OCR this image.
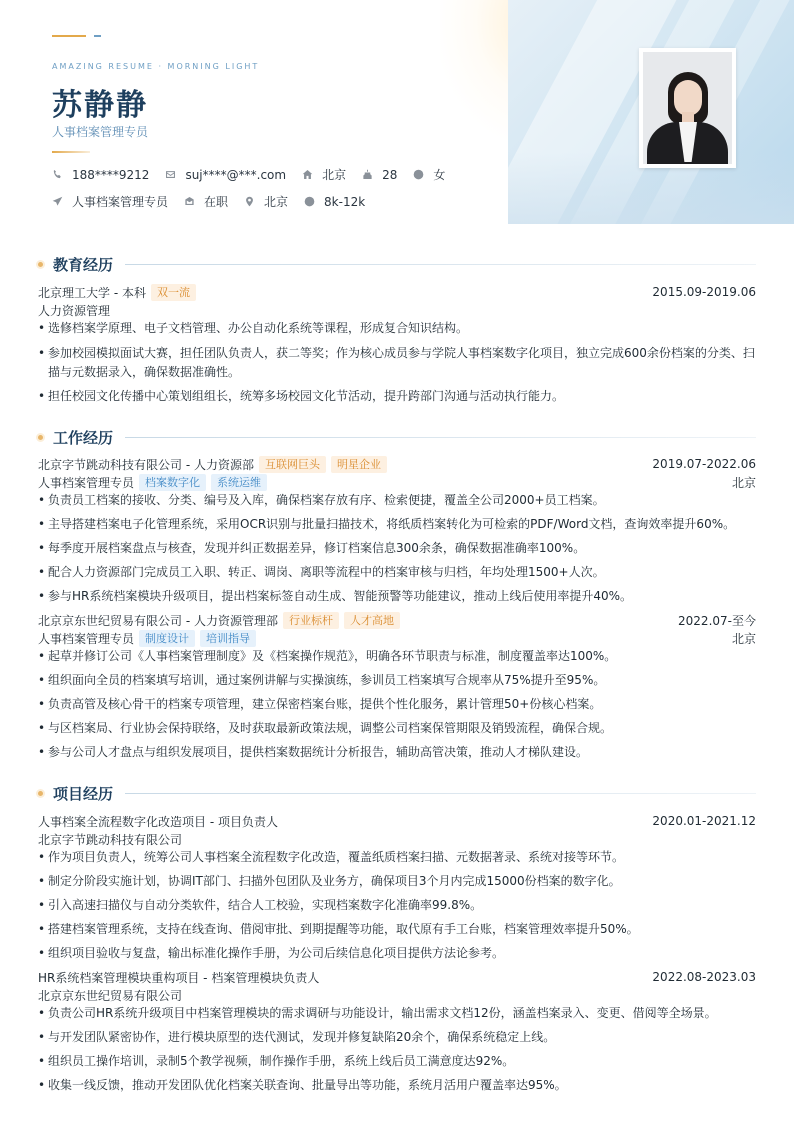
AMAZING RESUME · MORNING LIGHT
苏静静
人事档案管理专员
188****9212	suj****@***.com	北京	28	女
人事档案管理专员	在职	北京	8k-12k
教育经历
北京理工大学 - 本科	双一流	2015.09-2019.06
人力资源管理
• 选修档案学原理、电子文档管理、办公自动化系统等课程，形成复合知识结构。
• 参加校园模拟面试大赛，担任团队负责人，获二等奖；作为核心成员参与学院人事档案数字化项目，独立完成600余份档案的分类、扫描与元数据录入，确保数据准确性。
• 担任校园文化传播中心策划组组长，统筹多场校园文化节活动，提升跨部门沟通与活动执行能力。
工作经历
北京字节跳动科技有限公司 - 人力资源部	互联网巨头	明星企业	2019.07-2022.06
人事档案管理专员	档案数字化	系统运维	北京
• 负责员工档案的接收、分类、编号及入库，确保档案存放有序、检索便捷，覆盖全公司2000+员工档案。
• 主导搭建档案电子化管理系统，采用OCR识别与批量扫描技术，将纸质档案转化为可检索的PDF/Word文档，查询效率提升60%。
• 每季度开展档案盘点与核查，发现并纠正数据差异，修订档案信息300余条，确保数据准确率100%。
• 配合人力资源部门完成员工入职、转正、调岗、离职等流程中的档案审核与归档，年均处理1500+人次。
• 参与HR系统档案模块升级项目，提出档案标签自动生成、智能预警等功能建议，推动上线后使用率提升40%。
北京京东世纪贸易有限公司 - 人力资源管理部	行业标杆	人才高地	2022.07-至今
人事档案管理专员	制度设计	培训指导	北京
• 起草并修订公司《人事档案管理制度》及《档案操作规范》，明确各环节职责与标准，制度覆盖率达100%。
• 组织面向全员的档案填写培训，通过案例讲解与实操演练，参训员工档案填写合规率从75%提升至95%。
• 负责高管及核心骨干的档案专项管理，建立保密档案台账，提供个性化服务，累计管理50+份核心档案。
• 与区档案局、行业协会保持联络，及时获取最新政策法规，调整公司档案保管期限及销毁流程，确保合规。
• 参与公司人才盘点与组织发展项目，提供档案数据统计分析报告，辅助高管决策，推动人才梯队建设。
项目经历
人事档案全流程数字化改造项目 - 项目负责人	2020.01-2021.12
北京字节跳动科技有限公司
• 作为项目负责人，统筹公司人事档案全流程数字化改造，覆盖纸质档案扫描、元数据著录、系统对接等环节。
• 制定分阶段实施计划，协调IT部门、扫描外包团队及业务方，确保项目3个月内完成15000份档案的数字化。
• 引入高速扫描仪与自动分类软件，结合人工校验，实现档案数字化准确率99.8%。
• 搭建档案管理系统，支持在线查询、借阅审批、到期提醒等功能，取代原有手工台账，档案管理效率提升50%。
• 组织项目验收与复盘，输出标准化操作手册，为公司后续信息化项目提供方法论参考。
HR系统档案管理模块重构项目 - 档案管理模块负责人	2022.08-2023.03
北京京东世纪贸易有限公司
• 负责公司HR系统升级项目中档案管理模块的需求调研与功能设计，输出需求文档12份，涵盖档案录入、变更、借阅等全场景。
• 与开发团队紧密协作，进行模块原型的迭代测试，发现并修复缺陷20余个，确保系统稳定上线。
• 组织员工操作培训，录制5个教学视频，制作操作手册，系统上线后员工满意度达92%。
• 收集一线反馈，推动开发团队优化档案关联查询、批量导出等功能，系统月活用户覆盖率达95%。
